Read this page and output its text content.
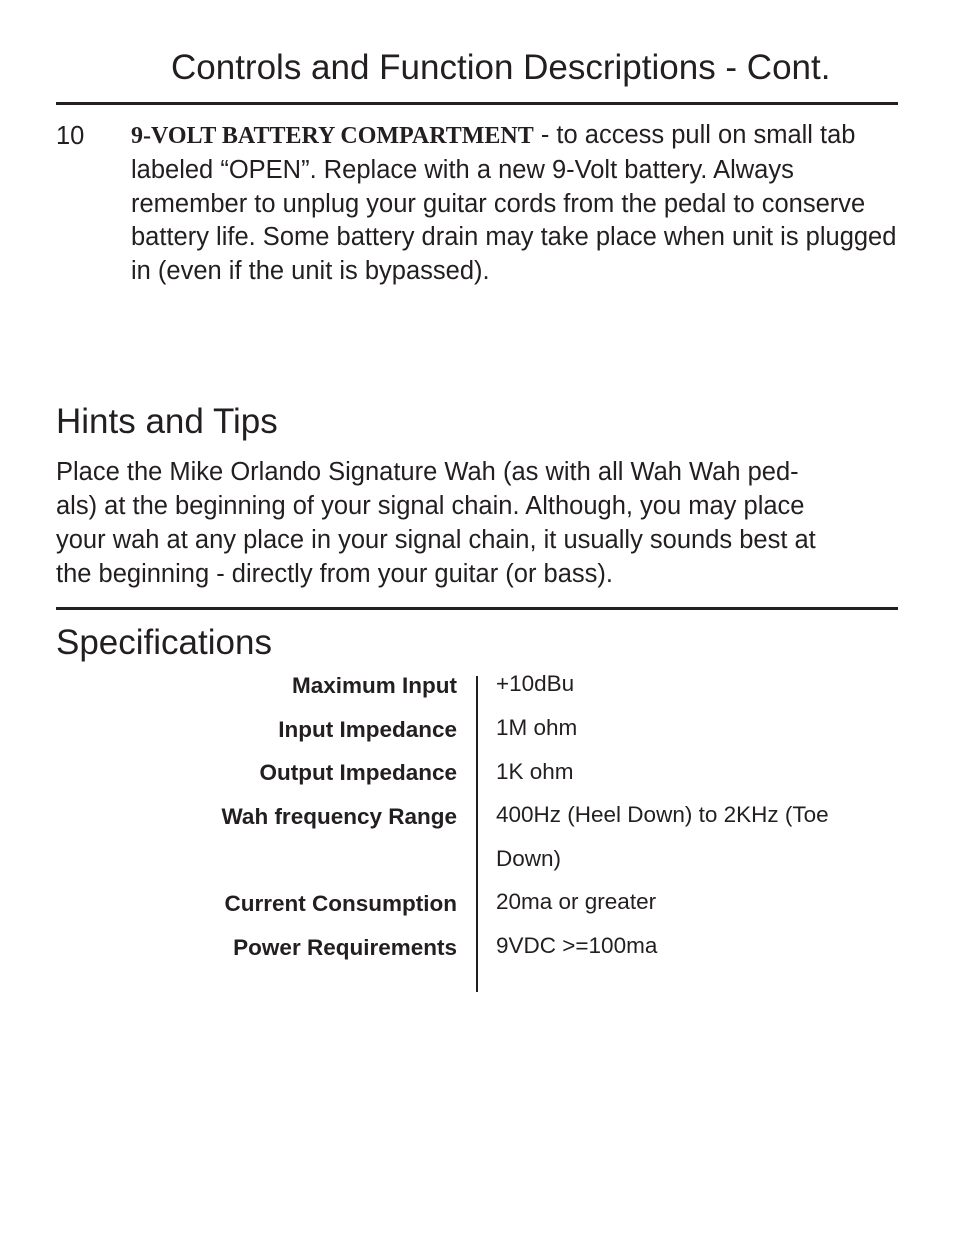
Controls and Function Descriptions - Cont.
10 9-VOLT BATTERY COMPARTMENT - to access pull on small tab labeled “OPEN”. Replace with a new 9-Volt battery. Always remember to unplug your guitar cords from the pedal to conserve battery life. Some battery drain may take place when unit is plugged in (even if the unit is bypassed).
Hints and Tips

Place the Mike Orlando Signature Wah (as with all Wah Wah ped-
als) at the beginning of your signal chain. Although, you may place
your wah at any place in your signal chain, it usually sounds best at
the beginning - directly from your guitar (or bass).

Specifications
Maximum Input +10dBu
Input Impedance 1M ohm
Output Impedance 1K ohm
Wah frequency Range 400Hz (Heel Down) to 2KHz (Toe Down)
Current Consumption 20ma or greater
Power Requirements 9VDC >=100ma
